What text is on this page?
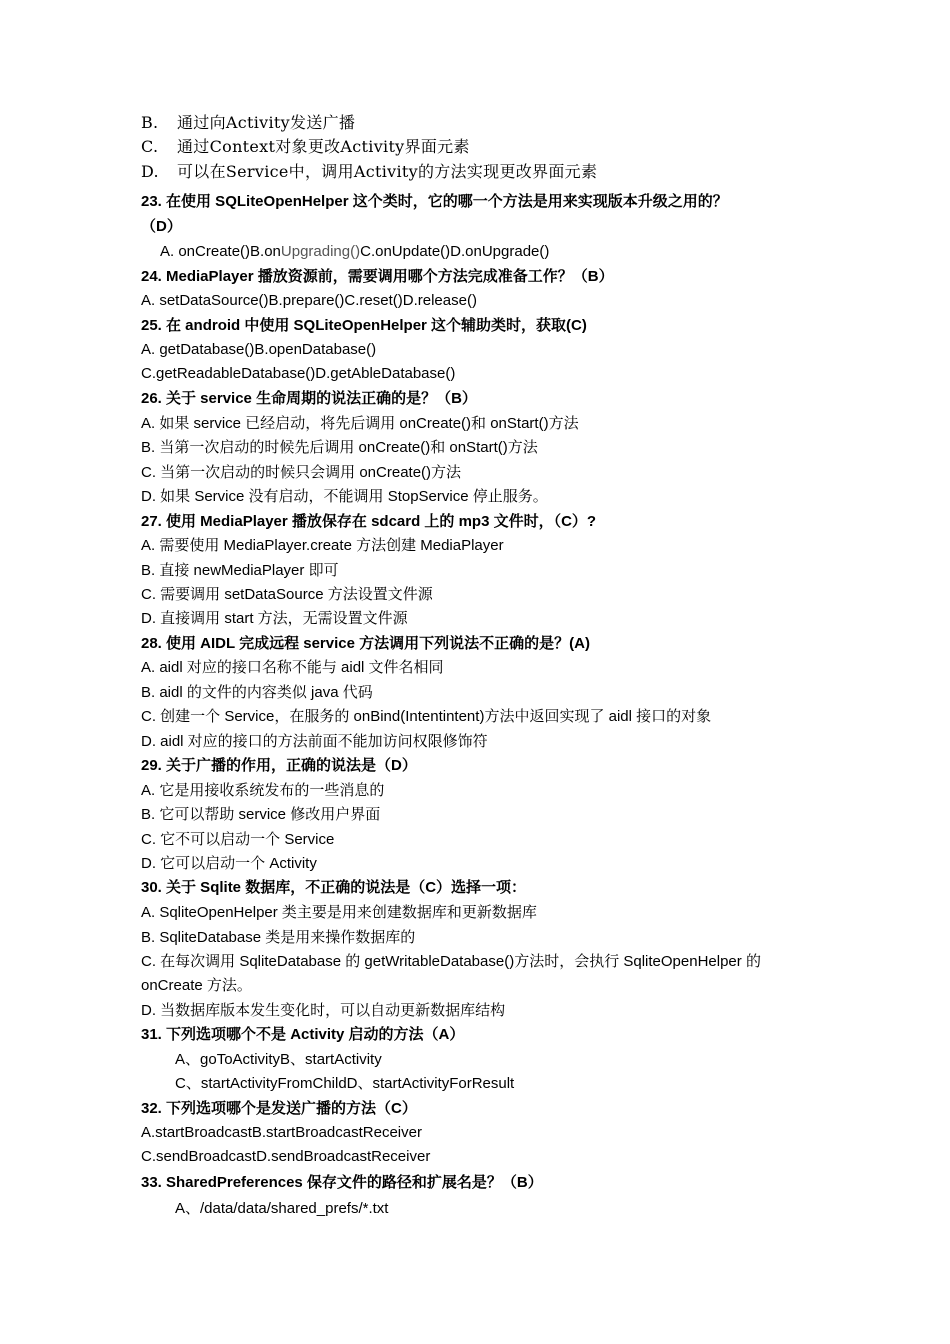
B. 通过向Activity发送广播
C. 通过Context对象更改Activity界面元素
D. 可以在Service中，调用Activity的方法实现更改界面元素
23. 在使用 SQLiteOpenHelper 这个类时，它的哪一个方法是用来实现版本升级之用的？
（D）
A. onCreate()B.onUpgrading()C.onUpdate()D.onUpgrade()
24. MediaPlayer 播放资源前，需要调用哪个方法完成准备工作？（B）
A. setDataSource()B.prepare()C.reset()D.release()
25. 在 android 中使用 SQLiteOpenHelper 这个辅助类时，获取(C)
A. getDatabase()B.openDatabase()
C.getReadableDatabase()D.getAbleDatabase()
26. 关于 service 生命周期的说法正确的是？（B）
A. 如果 service 已经启动，将先后调用 onCreate()和 onStart()方法
B. 当第一次启动的时候先后调用 onCreate()和 onStart()方法
C. 当第一次启动的时候只会调用 onCreate()方法
D. 如果 Service 没有启动，不能调用 StopService 停止服务。
27. 使用 MediaPlayer 播放保存在 sdcard 上的 mp3 文件时，（C）?
A. 需要使用 MediaPlayer.create 方法创建 MediaPlayer
B. 直接 newMediaPlayer 即可
C. 需要调用 setDataSource 方法设置文件源
D. 直接调用 start 方法，无需设置文件源
28. 使用 AIDL 完成远程 service 方法调用下列说法不正确的是？(A)
A. aidl 对应的接口名称不能与 aidl 文件名相同
B. aidl 的文件的内容类似 java 代码
C. 创建一个 Service，在服务的 onBind(Intentintent)方法中返回实现了 aidl 接口的对象
D. aidl 对应的接口的方法前面不能加访问权限修饰符
29. 关于广播的作用，正确的说法是（D）
A. 它是用接收系统发布的一些消息的
B. 它可以帮助 service 修改用户界面
C. 它不可以启动一个 Service
D. 它可以启动一个 Activity
30. 关于 Sqlite 数据库，不正确的说法是（C）选择一项：
A. SqliteOpenHelper 类主要是用来创建数据库和更新数据库
B. SqliteDatabase 类是用来操作数据库的
C. 在每次调用 SqliteDatabase 的 getWritableDatabase()方法时，会执行 SqliteOpenHelper 的
onCreate 方法。
D. 当数据库版本发生变化时，可以自动更新数据库结构
31. 下列选项哪个不是 Activity 启动的方法（A）
A、goToActivityB、startActivity
C、startActivityFromChildD、startActivityForResult
32. 下列选项哪个是发送广播的方法（C）
A.startBroadcastB.startBroadcastReceiver
C.sendBroadcastD.sendBroadcastReceiver
33. SharedPreferences 保存文件的路径和扩展名是？（B）
A、/data/data/shared_prefs/*.txt
